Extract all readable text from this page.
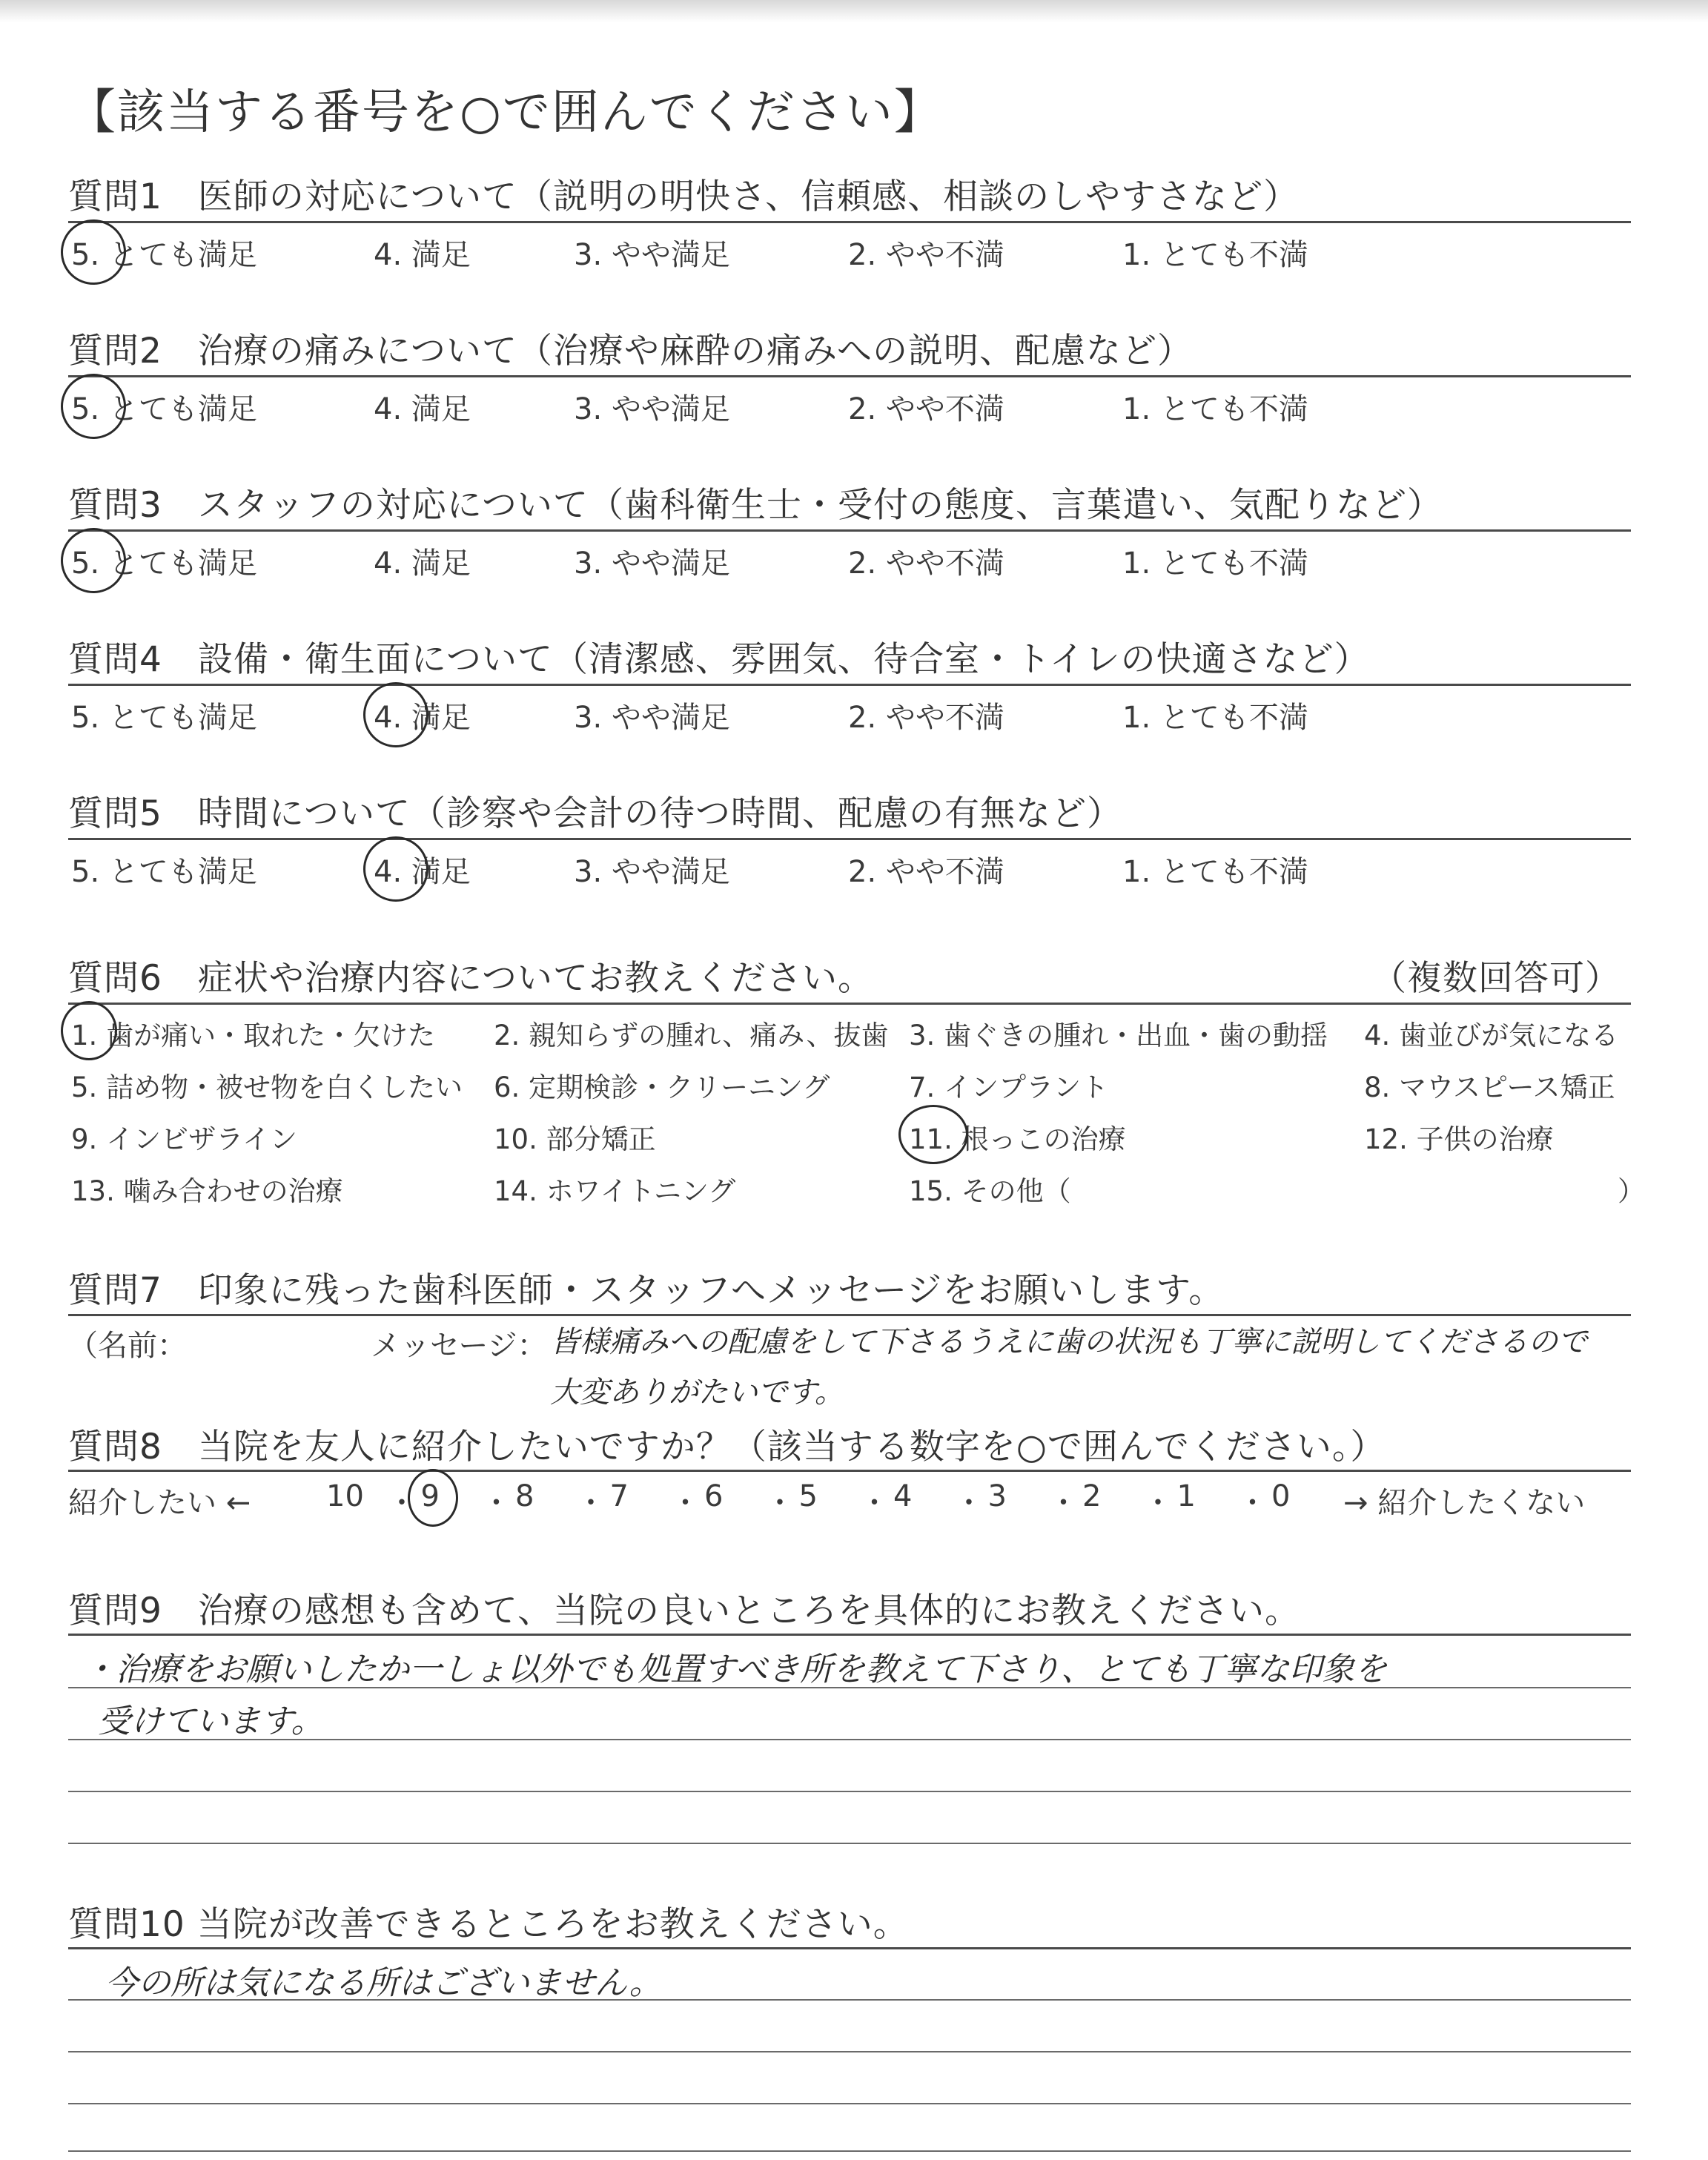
【該当する番号を○で囲んでください】
質問1　医師の対応について（説明の明快さ、信頼感、相談のしやすさなど）
5. とても満足	4. 満足	3. やや満足	2. やや不満	1. とても不満
質問2　治療の痛みについて（治療や麻酔の痛みへの説明、配慮など）
5. とても満足	4. 満足	3. やや満足	2. やや不満	1. とても不満
質問3　スタッフの対応について（歯科衛生士・受付の態度、言葉遣い、気配りなど）
5. とても満足	4. 満足	3. やや満足	2. やや不満	1. とても不満
質問4　設備・衛生面について（清潔感、雰囲気、待合室・トイレの快適さなど）
5. とても満足	4. 満足	3. やや満足	2. やや不満	1. とても不満
質問5　時間について（診察や会計の待つ時間、配慮の有無など）
5. とても満足	4. 満足	3. やや満足	2. やや不満	1. とても不満
質問6　症状や治療内容についてお教えください。	（複数回答可）
1. 歯が痛い・取れた・欠けた 2. 親知らずの腫れ、痛み、抜歯 3. 歯ぐきの腫れ・出血・歯の動揺 4. 歯並びが気になる
5. 詰め物・被せ物を白くしたい 6. 定期検診・クリーニング	7. インプラント	8. マウスピース矯正
9. インビザライン	10. 部分矯正	11. 根っこの治療	12. 子供の治療
13. 噛み合わせの治療	14. ホワイトニング	15. その他（	）
質問7　印象に残った歯科医師・スタッフへメッセージをお願いします。
（名前：	メッセージ： 皆様痛みへの配慮をして下さるうえに歯の状況も丁寧に説明してくださるので
大変ありがたいです。
質問8　当院を友人に紹介したいですか？（該当する数字を○で囲んでください。）
紹介したい ←	→ 紹介したくない
10 ・ 9 ・ 8 ・ 7 ・ 6 ・ 5 ・ 4 ・ 3 ・ 2 ・ 1 ・ 0
質問9　治療の感想も含めて、当院の良いところを具体的にお教えください。
・治療をお願いしたか一しょ以外でも処置すべき所を教えて下さり、とても丁寧な印象を
受けています。
質問10 当院が改善できるところをお教えください。
今の所は気になる所はございません。
